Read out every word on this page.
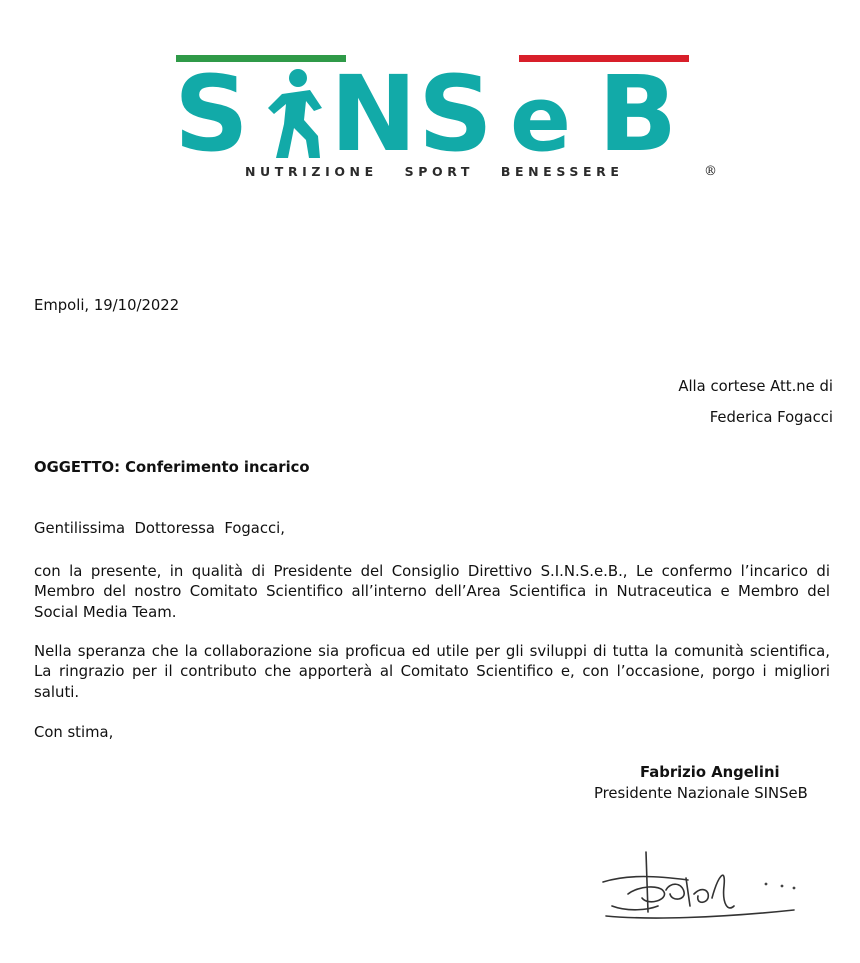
S N S e B
NUTRIZIONE   SPORT   BENESSERE	®
Empoli, 19/10/2022
Alla cortese Att.ne di
Federica Fogacci
OGGETTO: Conferimento incarico
Gentilissima  Dottoressa  Fogacci,
con la presente, in qualità di Presidente del Consiglio Direttivo S.I.N.S.e.B., Le confermo l’incarico di Membro del nostro Comitato Scientifico all’interno dell’Area Scientifica in Nutraceutica e Membro del Social Media Team.
Nella speranza che la collaborazione sia proficua ed utile per gli sviluppi di tutta la comunità scientifica, La ringrazio per il contributo che apporterà al Comitato Scientifico e, con l’occasione, porgo i migliori saluti.
Con stima,
Fabrizio Angelini
Presidente Nazionale SINSeB
